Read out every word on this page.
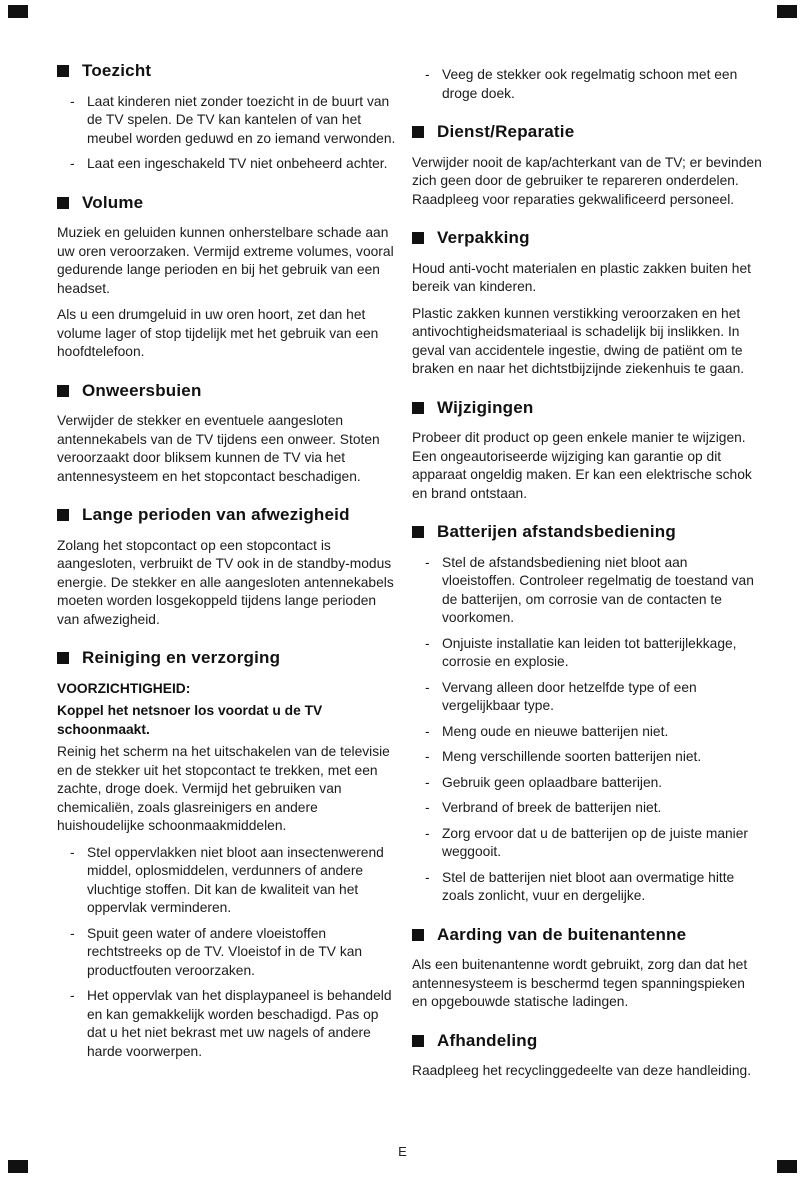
Toezicht
- Laat kinderen niet zonder toezicht in de buurt van de TV spelen. De TV kan kantelen of van het meubel worden geduwd en zo iemand verwonden.
- Laat een ingeschakeld TV niet onbeheerd achter.
Volume

Muziek en geluiden kunnen onherstelbare schade aan uw oren veroorzaken. Vermijd extreme volumes, vooral gedurende lange perioden en bij het gebruik van een headset.

Als u een drumgeluid in uw oren hoort, zet dan het volume lager of stop tijdelijk met het gebruik van een hoofdtelefoon.

Onweersbuien

Verwijder de stekker en eventuele aangesloten antennekabels van de TV tijdens een onweer. Stoten veroorzaakt door bliksem kunnen de TV via het antennesysteem en het stopcontact beschadigen.

Lange perioden van afwezigheid

Zolang het stopcontact op een stopcontact is aangesloten, verbruikt de TV ook in de standby-modus energie. De stekker en alle aangesloten antennekabels moeten worden losgekoppeld tijdens lange perioden van afwezigheid.

Reiniging en verzorging

VOORZICHTIGHEID:

Koppel het netsnoer los voordat u de TV schoonmaakt.

Reinig het scherm na het uitschakelen van de televisie en de stekker uit het stopcontact te trekken, met een zachte, droge doek. Vermijd het gebruiken van chemicaliën, zoals glasreinigers en andere huishoudelijke schoonmaakmiddelen.

- Stel oppervlakken niet bloot aan insectenwerend middel, oplosmiddelen, verdunners of andere vluchtige stoffen. Dit kan de kwaliteit van het oppervlak verminderen.
- Spuit geen water of andere vloeistoffen rechtstreeks op de TV. Vloeistof in de TV kan productfouten veroorzaken.
- Het oppervlak van het displaypaneel is behandeld en kan gemakkelijk worden beschadigd. Pas op dat u het niet bekrast met uw nagels of andere harde voorwerpen.
- Veeg de stekker ook regelmatig schoon met een droge doek.
Dienst/Reparatie

Verwijder nooit de kap/achterkant van de TV; er bevinden zich geen door de gebruiker te repareren onderdelen. Raadpleeg voor reparaties gekwalificeerd personeel.

Verpakking

Houd anti-vocht materialen en plastic zakken buiten het bereik van kinderen.

Plastic zakken kunnen verstikking veroorzaken en het antivochtigheidsmateriaal is schadelijk bij inslikken. In geval van accidentele ingestie, dwing de patiënt om te braken en naar het dichtstbijzijnde ziekenhuis te gaan.

Wijzigingen

Probeer dit product op geen enkele manier te wijzigen. Een ongeautoriseerde wijziging kan garantie op dit apparaat ongeldig maken. Er kan een elektrische schok en brand ontstaan.

Batterijen afstandsbediening
- Stel de afstandsbediening niet bloot aan vloeistoffen. Controleer regelmatig de toestand van de batterijen, om corrosie van de contacten te voorkomen.
- Onjuiste installatie kan leiden tot batterijlekkage, corrosie en explosie.
- Vervang alleen door hetzelfde type of een vergelijkbaar type.
- Meng oude en nieuwe batterijen niet.
- Meng verschillende soorten batterijen niet.
- Gebruik geen oplaadbare batterijen.
- Verbrand of breek de batterijen niet.
- Zorg ervoor dat u de batterijen op de juiste manier weggooit.
- Stel de batterijen niet bloot aan overmatige hitte zoals zonlicht, vuur en dergelijke.
Aarding van de buitenantenne

Als een buitenantenne wordt gebruikt, zorg dan dat het antennesysteem is beschermd tegen spanningspieken en opgebouwde statische ladingen.

Afhandeling

Raadpleeg het recyclinggedeelte van deze handleiding.

E
